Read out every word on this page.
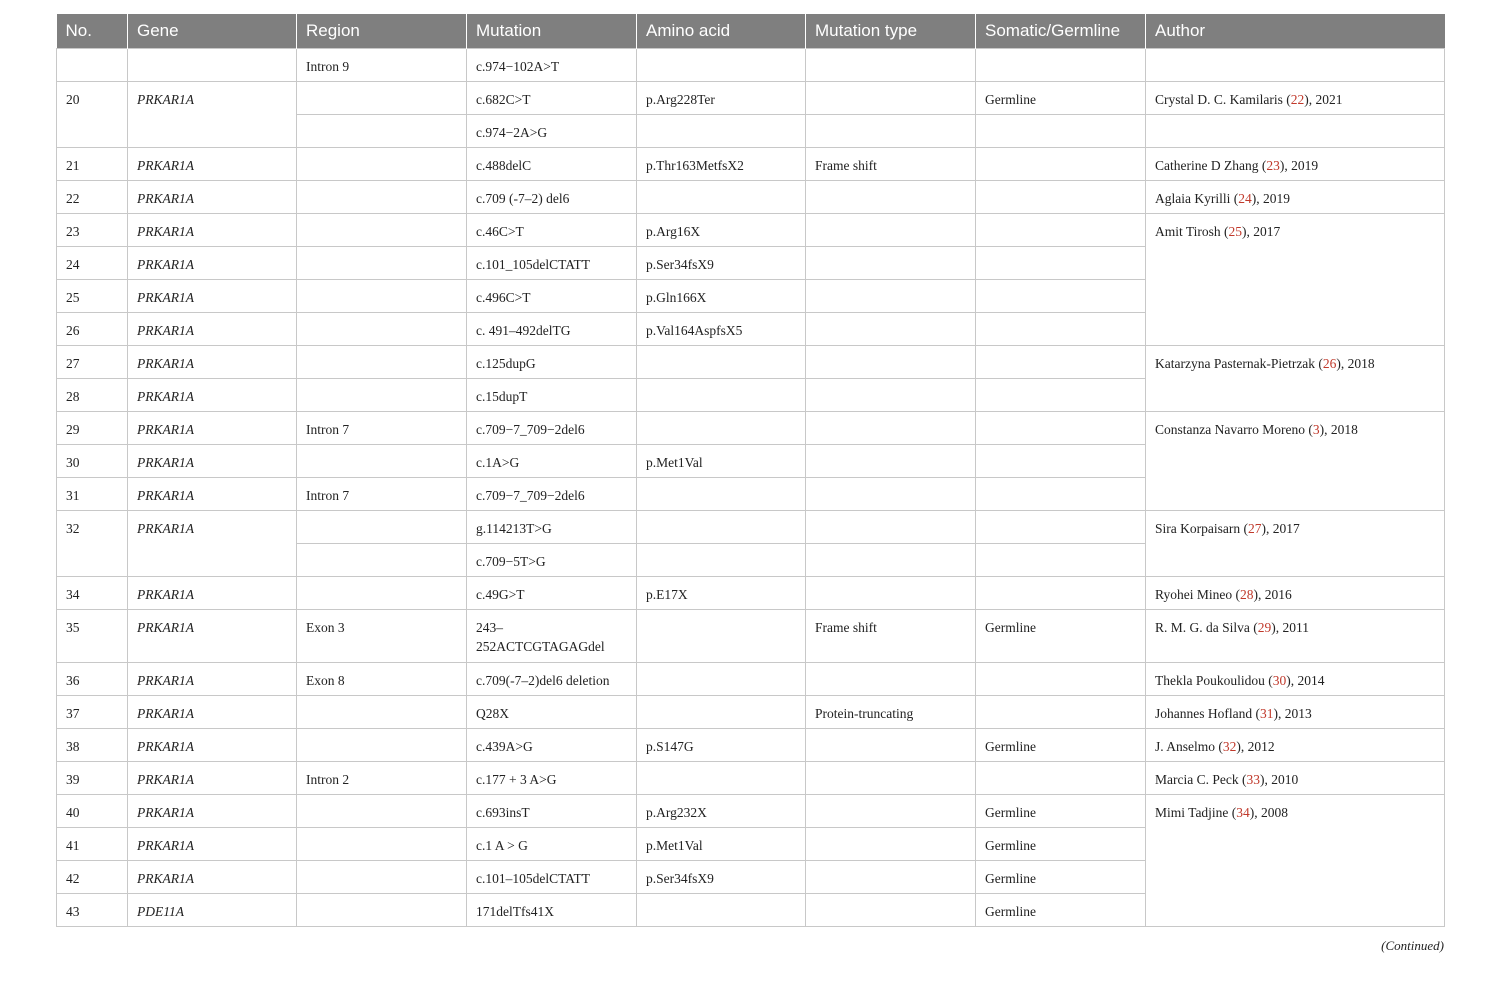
No.	Gene	Region	Mutation	Amino acid	Mutation type	Somatic/Germline	Author
		Intron 9	c.974−102A>T				
20	PRKAR1A		c.682C>T	p.Arg228Ter		Germline	Crystal D. C. Kamilaris (22), 2021
			c.974−2A>G				
21	PRKAR1A		c.488delC	p.Thr163MetfsX2	Frame shift		Catherine D Zhang (23), 2019
22	PRKAR1A		c.709 (-7–2) del6				Aglaia Kyrilli (24), 2019
23	PRKAR1A		c.46C>T	p.Arg16X			Amit Tirosh (25), 2017
24	PRKAR1A		c.101_105delCTATT	p.Ser34fsX9			
25	PRKAR1A		c.496C>T	p.Gln166X			
26	PRKAR1A		c. 491–492delTG	p.Val164AspfsX5			
27	PRKAR1A		c.125dupG				Katarzyna Pasternak-Pietrzak (26), 2018
28	PRKAR1A		c.15dupT				
29	PRKAR1A	Intron 7	c.709−7_709−2del6				Constanza Navarro Moreno (3), 2018
30	PRKAR1A		c.1A>G	p.Met1Val			
31	PRKAR1A	Intron 7	c.709−7_709−2del6				
32	PRKAR1A		g.114213T>G				Sira Korpaisarn (27), 2017
			c.709−5T>G				
34	PRKAR1A		c.49G>T	p.E17X			Ryohei Mineo (28), 2016
35	PRKAR1A	Exon 3	243–
252ACTCGTAGAGdel		Frame shift	Germline	R. M. G. da Silva (29), 2011
36	PRKAR1A	Exon 8	c.709(-7–2)del6 deletion				Thekla Poukoulidou (30), 2014
37	PRKAR1A		Q28X		Protein-truncating		Johannes Hofland (31), 2013
38	PRKAR1A		c.439A>G	p.S147G		Germline	J. Anselmo (32), 2012
39	PRKAR1A	Intron 2	c.177 + 3 A>G				Marcia C. Peck (33), 2010
40	PRKAR1A		c.693insT	p.Arg232X		Germline	Mimi Tadjine (34), 2008
41	PRKAR1A		c.1 A > G	p.Met1Val		Germline	
42	PRKAR1A		c.101–105delCTATT	p.Ser34fsX9		Germline	
43	PDE11A		171delTfs41X			Germline	
(Continued)
